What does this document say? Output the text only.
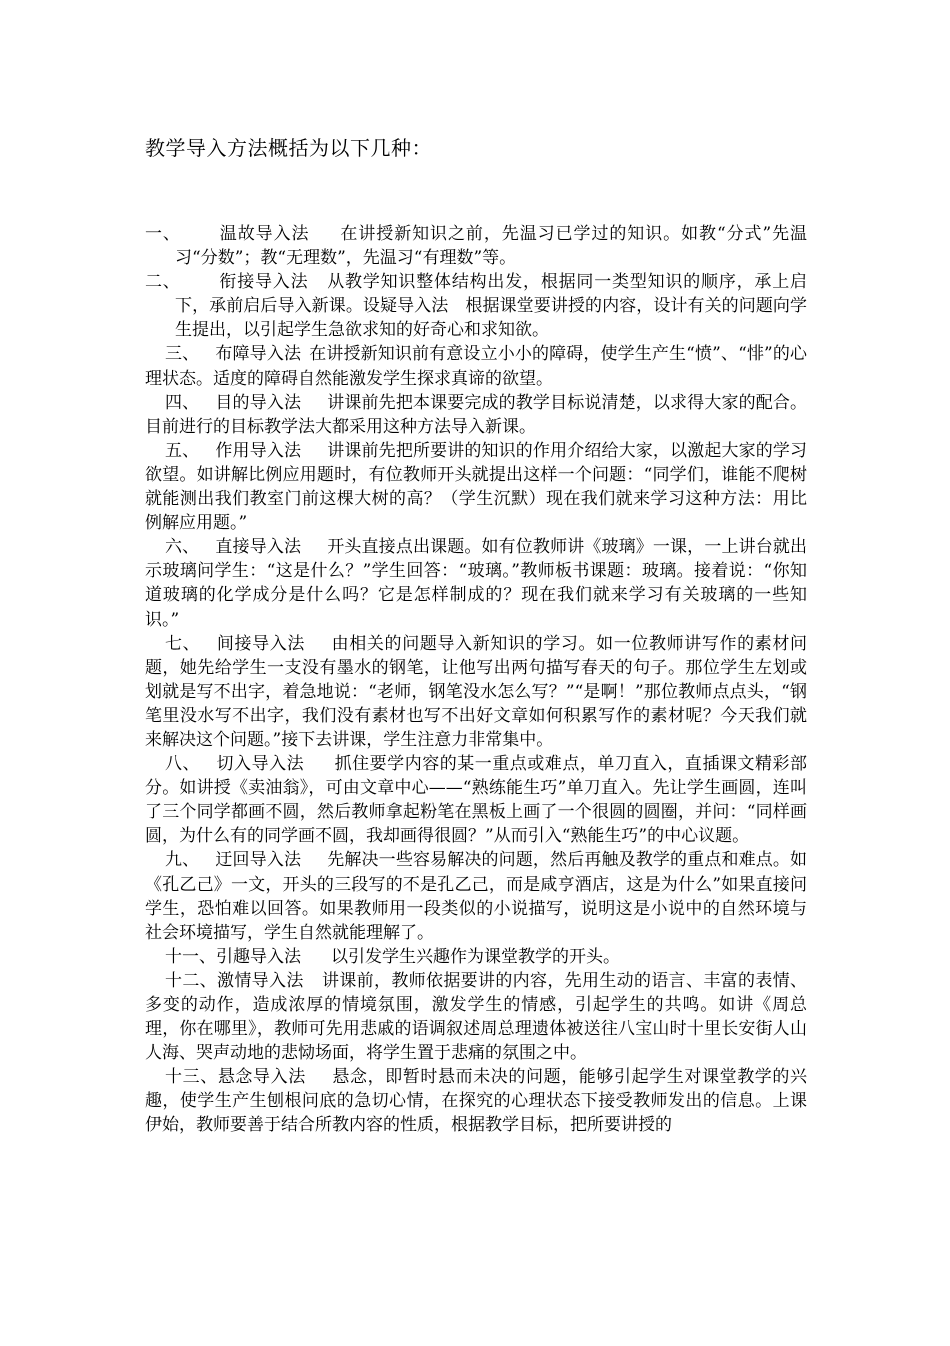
教学导入方法概括为以下几种：

一、 温故导入法 在讲授新知识之前，先温习已学过的知识。如教“分式”先温习“分数”；教“无理数”，先温习“有理数”等。

二、 衔接导入法 从教学知识整体结构出发，根据同一类型知识的顺序，承上启下，承前启后导入新课。设疑导入法　根据课堂要讲授的内容，设计有关的问题向学生提出，以引起学生急欲求知的好奇心和求知欲。

三、 布障导入法 在讲授新知识前有意设立小小的障碍，使学生产生“愤”、“悱”的心理状态。适度的障碍自然能激发学生探求真谛的欲望。

四、 目的导入法 讲课前先把本课要完成的教学目标说清楚，以求得大家的配合。目前进行的目标教学法大都采用这种方法导入新课。

五、 作用导入法 讲课前先把所要讲的知识的作用介绍给大家，以激起大家的学习欲望。如讲解比例应用题时，有位教师开头就提出这样一个问题：“同学们，谁能不爬树就能测出我们教室门前这棵大树的高？（学生沉默）现在我们就来学习这种方法：用比例解应用题。”

六、 直接导入法 开头直接点出课题。如有位教师讲《玻璃》一课，一上讲台就出示玻璃问学生：“这是什么？”学生回答：“玻璃。”教师板书课题：玻璃。接着说：“你知道玻璃的化学成分是什么吗？它是怎样制成的？现在我们就来学习有关玻璃的一些知识。”

七、 间接导入法 由相关的问题导入新知识的学习。如一位教师讲写作的素材问题，她先给学生一支没有墨水的钢笔，让他写出两句描写春天的句子。那位学生左划或划就是写不出字，着急地说：“老师，钢笔没水怎么写？”“是啊！”那位教师点点头，“钢笔里没水写不出字，我们没有素材也写不出好文章如何积累写作的素材呢？今天我们就来解决这个问题。”接下去讲课，学生注意力非常集中。

八、 切入导入法 抓住要学内容的某一重点或难点，单刀直入，直插课文精彩部分。如讲授《卖油翁》，可由文章中心——“熟练能生巧”单刀直入。先让学生画圆，连叫了三个同学都画不圆，然后教师拿起粉笔在黑板上画了一个很圆的圆圈，并问：“同样画圆，为什么有的同学画不圆，我却画得很圆？”从而引入“熟能生巧”的中心议题。

九、 迂回导入法 先解决一些容易解决的问题，然后再触及教学的重点和难点。如《孔乙己》一文，开头的三段写的不是孔乙己，而是咸亨酒店，这是为什么”如果直接问学生，恐怕难以回答。如果教师用一段类似的小说描写，说明这是小说中的自然环境与社会环境描写，学生自然就能理解了。

十一、引趣导入法 以引发学生兴趣作为课堂教学的开头。

十二、激情导入法 讲课前，教师依据要讲的内容，先用生动的语言、丰富的表情、多变的动作，造成浓厚的情境氛围，激发学生的情感，引起学生的共鸣。如讲《周总理，你在哪里》，教师可先用悲戚的语调叙述周总理遗体被送往八宝山时十里长安街人山人海、哭声动地的悲恸场面，将学生置于悲痛的氛围之中。

十三、悬念导入法 悬念，即暂时悬而未决的问题，能够引起学生对课堂教学的兴趣，使学生产生刨根问底的急切心情，在探究的心理状态下接受教师发出的信息。上课伊始，教师要善于结合所教内容的性质，根据教学目标，把所要讲授的
